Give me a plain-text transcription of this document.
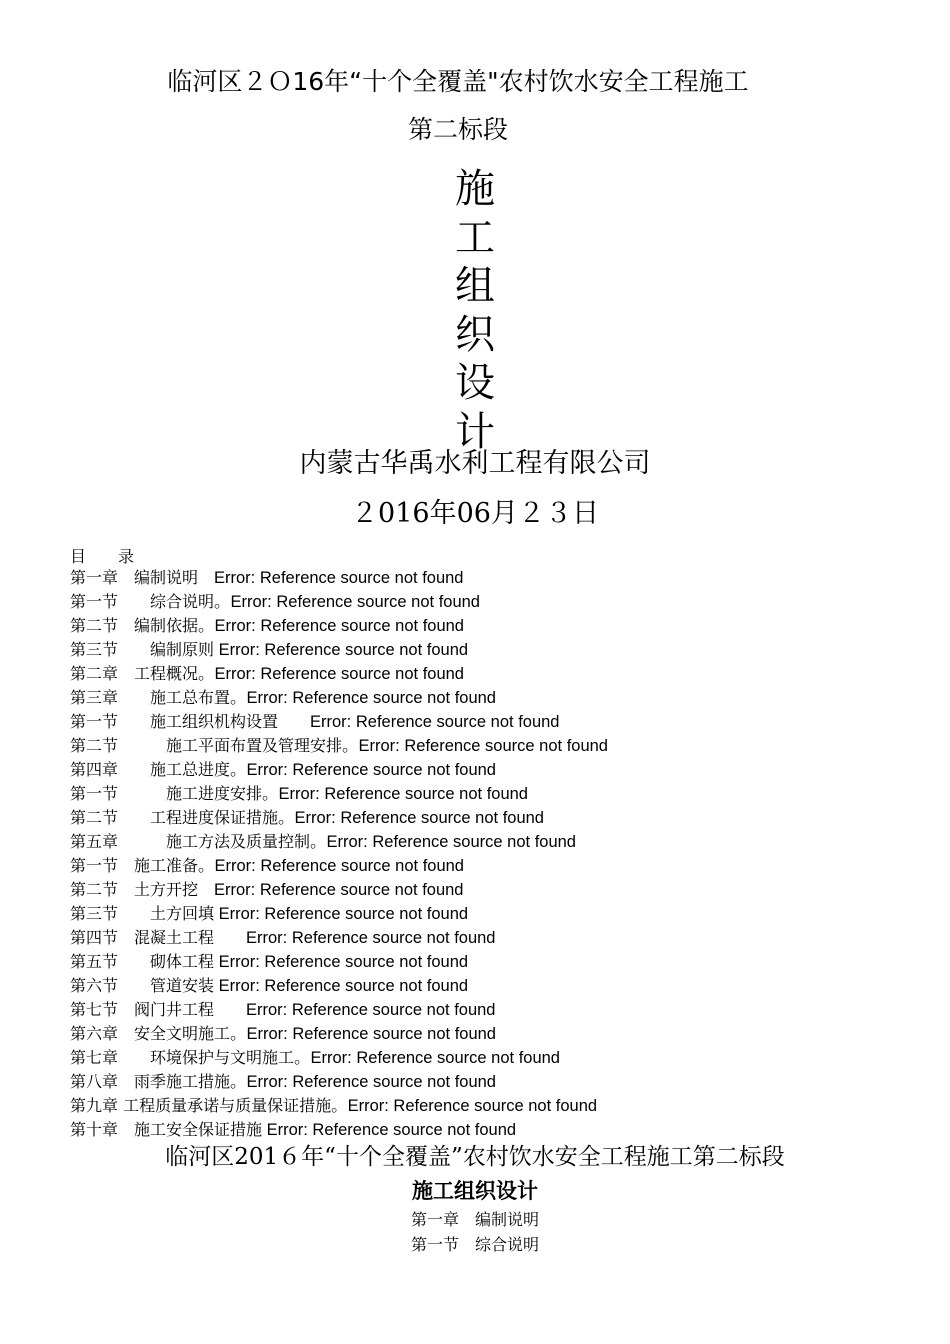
临河区２Ｏ16年“十个全覆盖"农村饮水安全工程施工
第二标段
施
工
组
织
设
计
内蒙古华禹水利工程有限公司
２016年06月２３日
目　　录
第一章　编制说明　Error: Reference source not found
第一节　　综合说明。Error: Reference source not found
第二节　编制依据。Error: Reference source not found
第三节　　编制原则 Error: Reference source not found
第二章　工程概况。Error: Reference source not found
第三章　　施工总布置。Error: Reference source not found
第一节　　施工组织机构设置　　Error: Reference source not found
第二节　　　施工平面布置及管理安排。Error: Reference source not found
第四章　　施工总进度。Error: Reference source not found
第一节　　　施工进度安排。Error: Reference source not found
第二节　　工程进度保证措施。Error: Reference source not found
第五章　　　施工方法及质量控制。Error: Reference source not found
第一节　施工准备。Error: Reference source not found
第二节　土方开挖　Error: Reference source not found
第三节　　土方回填 Error: Reference source not found
第四节　混凝土工程　　Error: Reference source not found
第五节　　砌体工程 Error: Reference source not found
第六节　　管道安装 Error: Reference source not found
第七节　阀门井工程　　Error: Reference source not found
第六章　安全文明施工。Error: Reference source not found
第七章　　环境保护与文明施工。Error: Reference source not found
第八章　雨季施工措施。Error: Reference source not found
第九章 工程质量承诺与质量保证措施。Error: Reference source not found
第十章　施工安全保证措施 Error: Reference source not found
临河区201６年“十个全覆盖”农村饮水安全工程施工第二标段
施工组织设计
第一章　编制说明
第一节　综合说明
